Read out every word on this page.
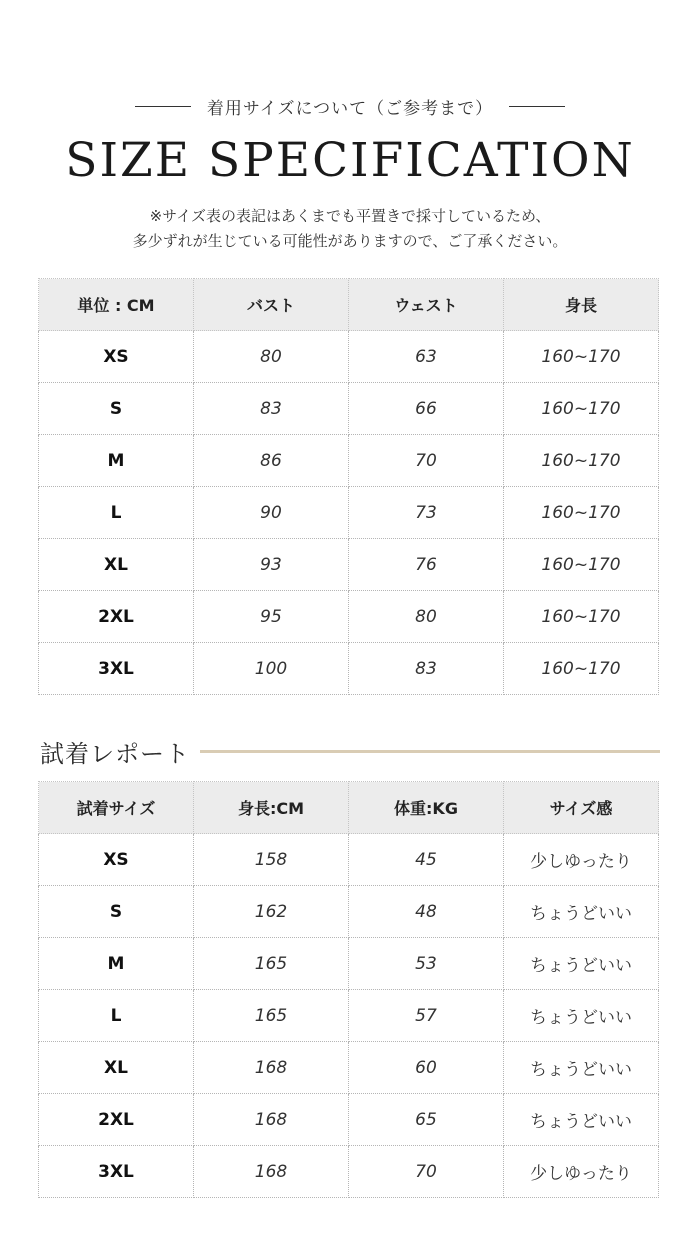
着用サイズについて（ご参考まで）
SIZE SPECIFICATION
※サイズ表の表記はあくまでも平置きで採寸しているため、
多少ずれが生じている可能性がありますので、ご了承ください。
単位 : CM	バスト	ウェスト	身長
XS	80	63	160~170
S	83	66	160~170
M	86	70	160~170
L	90	73	160~170
XL	93	76	160~170
2XL	95	80	160~170
3XL	100	83	160~170
試着レポート
試着サイズ	身長:CM	体重:KG	サイズ感
XS	158	45	少しゆったり
S	162	48	ちょうどいい
M	165	53	ちょうどいい
L	165	57	ちょうどいい
XL	168	60	ちょうどいい
2XL	168	65	ちょうどいい
3XL	168	70	少しゆったり
